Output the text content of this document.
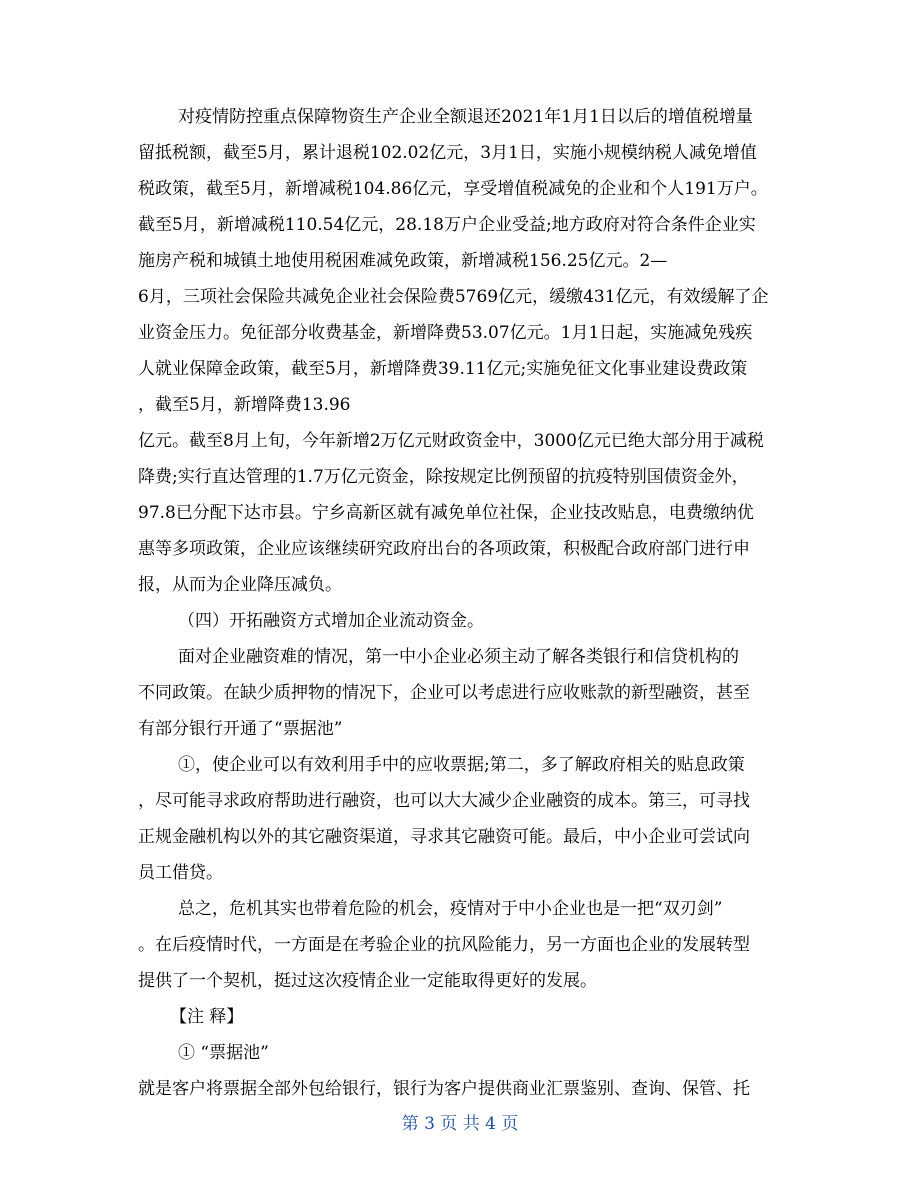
对疫情防控重点保障物资生产企业全额退还2021年1月1日以后的增值税增量
留抵税额，截至5月，累计退税102.02亿元，3月1日，实施小规模纳税人减免增值
税政策，截至5月，新增减税104.86亿元，享受增值税减免的企业和个人191万户。
截至5月，新增减税110.54亿元，28.18万户企业受益;地方政府对符合条件企业实
施房产税和城镇土地使用税困难减免政策，新增减税156.25亿元。2—
6月，三项社会保险共减免企业社会保险费5769亿元，缓缴431亿元，有效缓解了企
业资金压力。免征部分收费基金，新增降费53.07亿元。1月1日起，实施减免残疾
人就业保障金政策，截至5月，新增降费39.11亿元;实施免征文化事业建设费政策
，截至5月，新增降费13.96
亿元。截至8月上旬，今年新增2万亿元财政资金中，3000亿元已绝大部分用于减税
降费;实行直达管理的1.7万亿元资金，除按规定比例预留的抗疫特别国债资金外，
97.8已分配下达市县。宁乡高新区就有减免单位社保，企业技改贴息，电费缴纳优
惠等多项政策，企业应该继续研究政府出台的各项政策，积极配合政府部门进行申
报，从而为企业降压减负。
（四）开拓融资方式增加企业流动资金。
面对企业融资难的情况，第一中小企业必须主动了解各类银行和信贷机构的
不同政策。在缺少质押物的情况下，企业可以考虑进行应收账款的新型融资，甚至
有部分银行开通了“票据池”
①，使企业可以有效利用手中的应收票据;第二，多了解政府相关的贴息政策
，尽可能寻求政府帮助进行融资，也可以大大减少企业融资的成本。第三，可寻找
正规金融机构以外的其它融资渠道，寻求其它融资可能。最后，中小企业可尝试向
员工借贷。
总之，危机其实也带着危险的机会，疫情对于中小企业也是一把“双刃剑”
。在后疫情时代，一方面是在考验企业的抗风险能力，另一方面也企业的发展转型
提供了一个契机，挺过这次疫情企业一定能取得更好的发展。
【注 释】
① “票据池”
就是客户将票据全部外包给银行，银行为客户提供商业汇票鉴别、查询、保管、托
第 3 页 共 4 页
